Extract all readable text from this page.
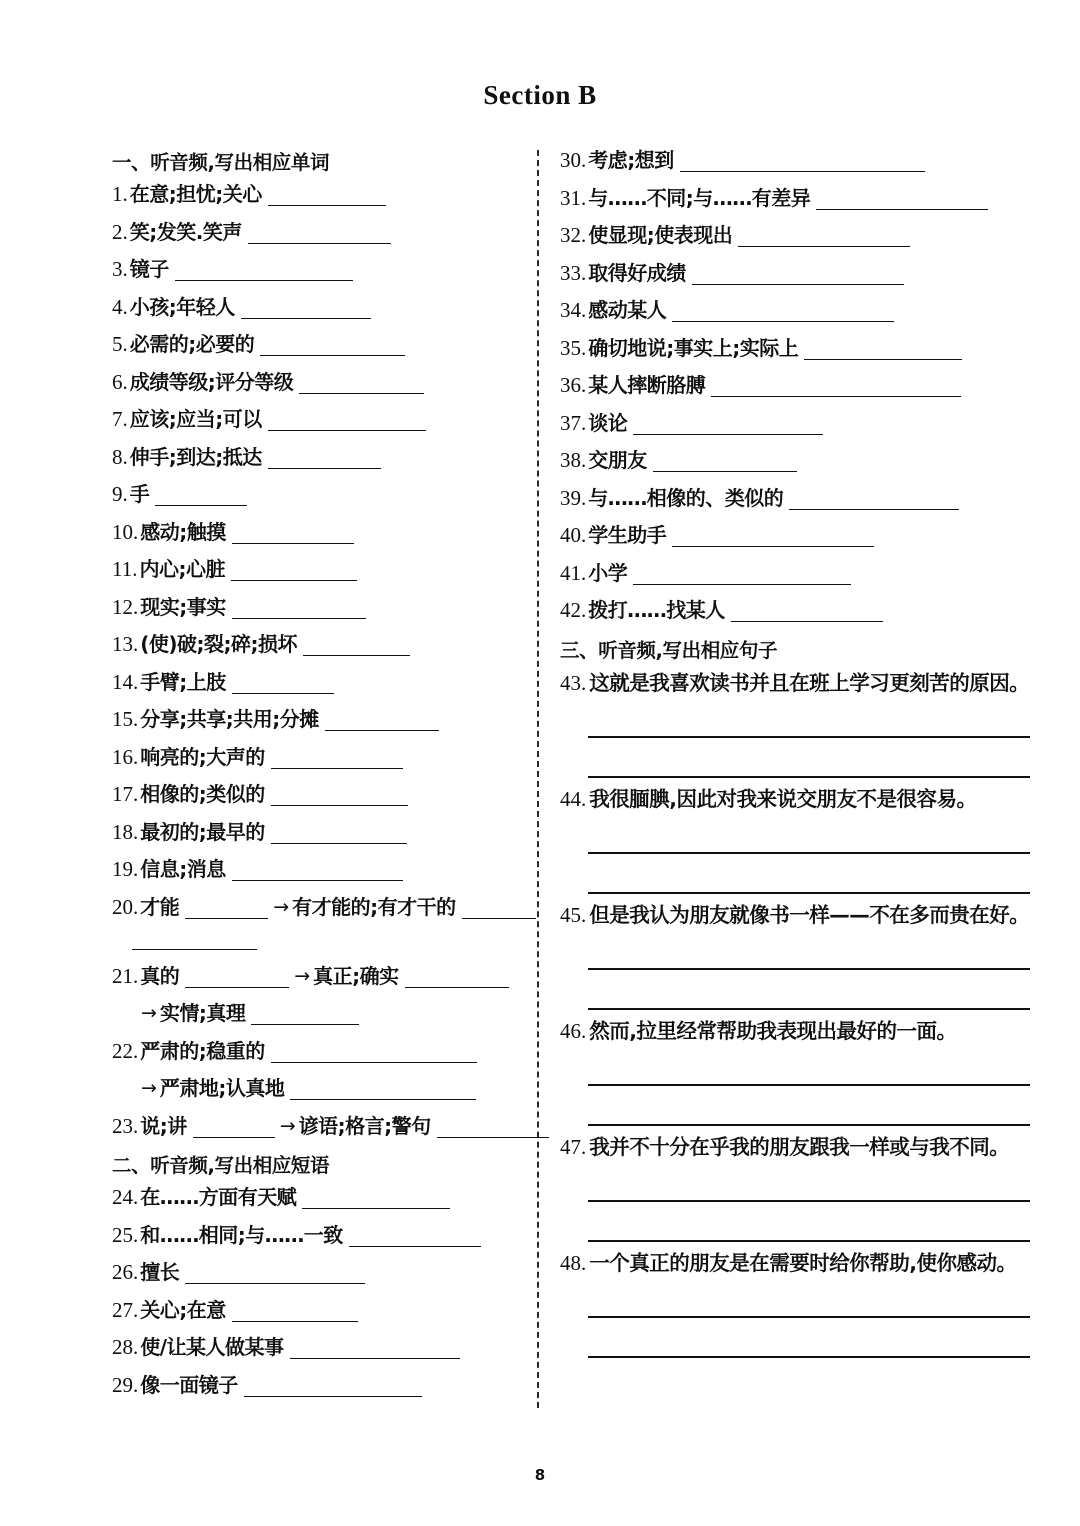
Section B
一、听音频,写出相应单词
1. 在意;担忧;关心
2. 笑;发笑.笑声
3. 镜子
4. 小孩;年轻人
5. 必需的;必要的
6. 成绩等级;评分等级
7. 应该;应当;可以
8. 伸手;到达;抵达
9. 手
10. 感动;触摸
11. 内心;心脏
12. 现实;事实
13. (使)破;裂;碎;损坏
14. 手臂;上肢
15. 分享;共享;共用;分摊
16. 响亮的;大声的
17. 相像的;类似的
18. 最初的;最早的
19. 信息;消息
20. 才能	→ 有才能的;有才干的
21. 真的	→ 真正;确实
→ 实情;真理
22. 严肃的;稳重的
→ 严肃地;认真地
23. 说;讲	→ 谚语;格言;警句
二、听音频,写出相应短语
24. 在……方面有天赋
25. 和……相同;与……一致
26. 擅长
27. 关心;在意
28. 使/让某人做某事
29. 像一面镜子
30. 考虑;想到
31. 与……不同;与……有差异
32. 使显现;使表现出
33. 取得好成绩
34. 感动某人
35. 确切地说;事实上;实际上
36. 某人摔断胳膊
37. 谈论
38. 交朋友
39. 与……相像的、类似的
40. 学生助手
41. 小学
42. 拨打……找某人
三、听音频,写出相应句子
43. 这就是我喜欢读书并且在班上学习更刻苦的原因。
44. 我很腼腆,因此对我来说交朋友不是很容易。
45. 但是我认为朋友就像书一样——不在多而贵在好。
46. 然而,拉里经常帮助我表现出最好的一面。
47. 我并不十分在乎我的朋友跟我一样或与我不同。
48. 一个真正的朋友是在需要时给你帮助,使你感动。
8
